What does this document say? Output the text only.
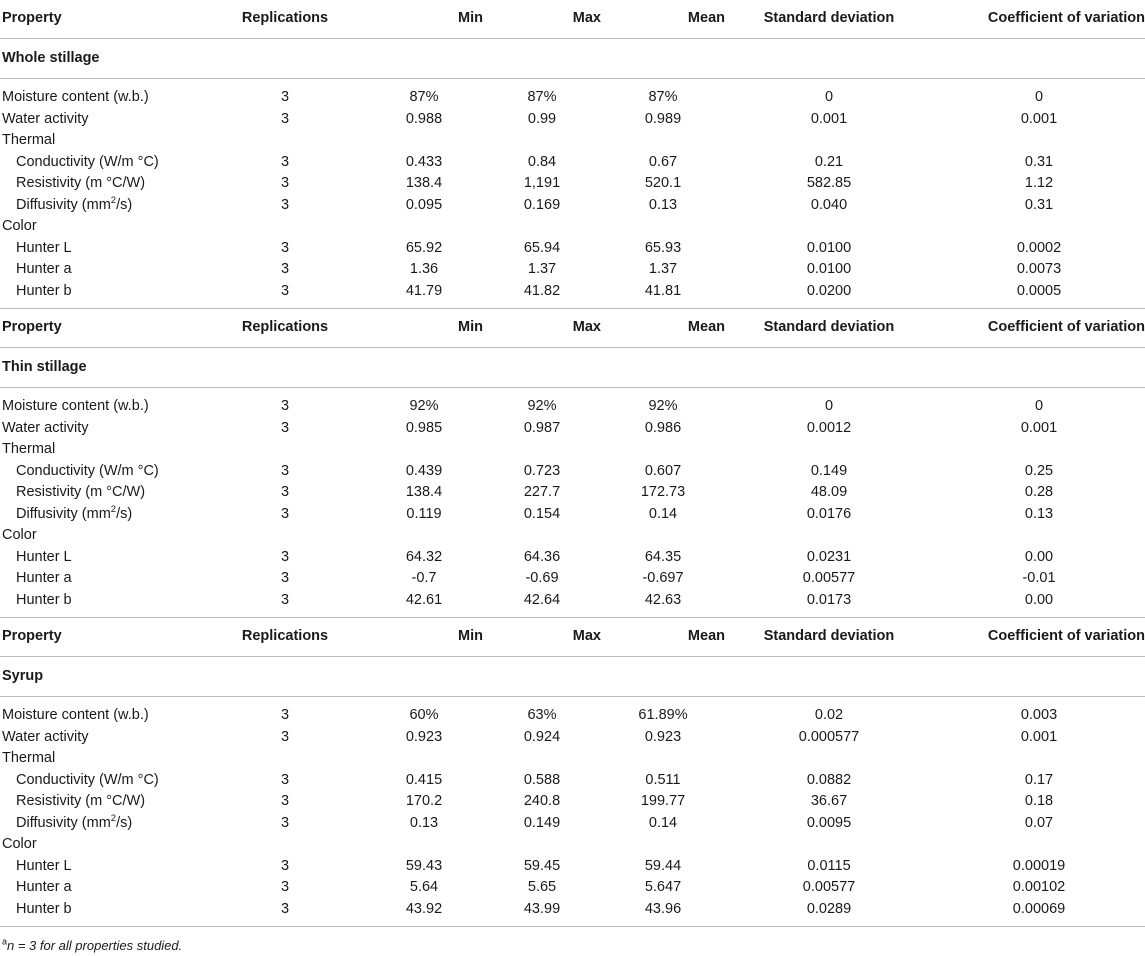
Property	Replications	Min	Max	Mean	Standard deviation	Coefficient of variation
Whole stillage						

Moisture content (w.b.)	3	87%	87%	87%	0	0
Water activity	3	0.988	0.99	0.989	0.001	0.001
Thermal						
Conductivity (W/m °C)	3	0.433	0.84	0.67	0.21	0.31
Resistivity (m °C/W)	3	138.4	1,191	520.1	582.85	1.12
Diffusivity $(mm^2/s)$	3	0.095	0.169	0.13	0.040	0.31
Color						
Hunter L	3	65.92	65.94	65.93	0.0100	0.0002
Hunter a	3	1.36	1.37	1.37	0.0100	0.0073
Hunter b	3	41.79	41.82	41.81	0.0200	0.0005
Property	Replications	Min	Max	Mean	Standard deviation	Coefficient of variation
Thin stillage						

Moisture content (w.b.)	3	92%	92%	92%	0	0
Water activity	3	0.985	0.987	0.986	0.0012	0.001
Thermal						
Conductivity (W/m °C)	3	0.439	0.723	0.607	0.149	0.25
Resistivity (m °C/W)	3	138.4	227.7	172.73	48.09	0.28
Diffusivity $(mm^2/s)$	3	0.119	0.154	0.14	0.0176	0.13
Color						
Hunter L	3	64.32	64.36	64.35	0.0231	0.00
Hunter a	3	-0.7	-0.69	-0.697	0.00577	-0.01
Hunter b	3	42.61	42.64	42.63	0.0173	0.00
Property	Replications	Min	Max	Mean	Standard deviation	Coefficient of variation
Syrup						

Moisture content (w.b.)	3	60%	63%	61.89%	0.02	0.003
Water activity	3	0.923	0.924	0.923	0.000577	0.001
Thermal						
Conductivity (W/m °C)	3	0.415	0.588	0.511	0.0882	0.17
Resistivity (m °C/W)	3	170.2	240.8	199.77	36.67	0.18
Diffusivity $(mm^2/s)$	3	0.13	0.149	0.14	0.0095	0.07
Color						
Hunter L	3	59.43	59.45	59.44	0.0115	0.00019
Hunter a	3	5.64	5.65	5.647	0.00577	0.00102
Hunter b	3	43.92	43.99	43.96	0.0289	0.00069
$^a$n = 3 for all properties studied.
